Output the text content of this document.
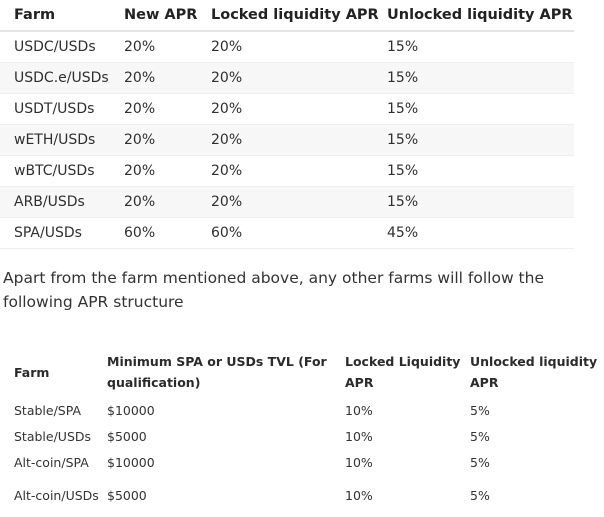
Farm	New APR	Locked liquidity APR	Unlocked liquidity APR
USDC/USDs	20%	20%	15%
USDC.e/USDs	20%	20%	15%
USDT/USDs	20%	20%	15%
wETH/USDs	20%	20%	15%
wBTC/USDs	20%	20%	15%
ARB/USDs	20%	20%	15%
SPA/USDs	60%	60%	45%

Apart from the farm mentioned above, any other farms will follow the following APR structure

Farm	Minimum SPA or USDs TVL (For qualification)	Locked Liquidity APR	Unlocked liquidity APR
Stable/SPA	$10000	10%	5%
Stable/USDs	$5000	10%	5%
Alt-coin/SPA	$10000	10%	5%
Alt-coin/USDs	$5000	10%	5%
